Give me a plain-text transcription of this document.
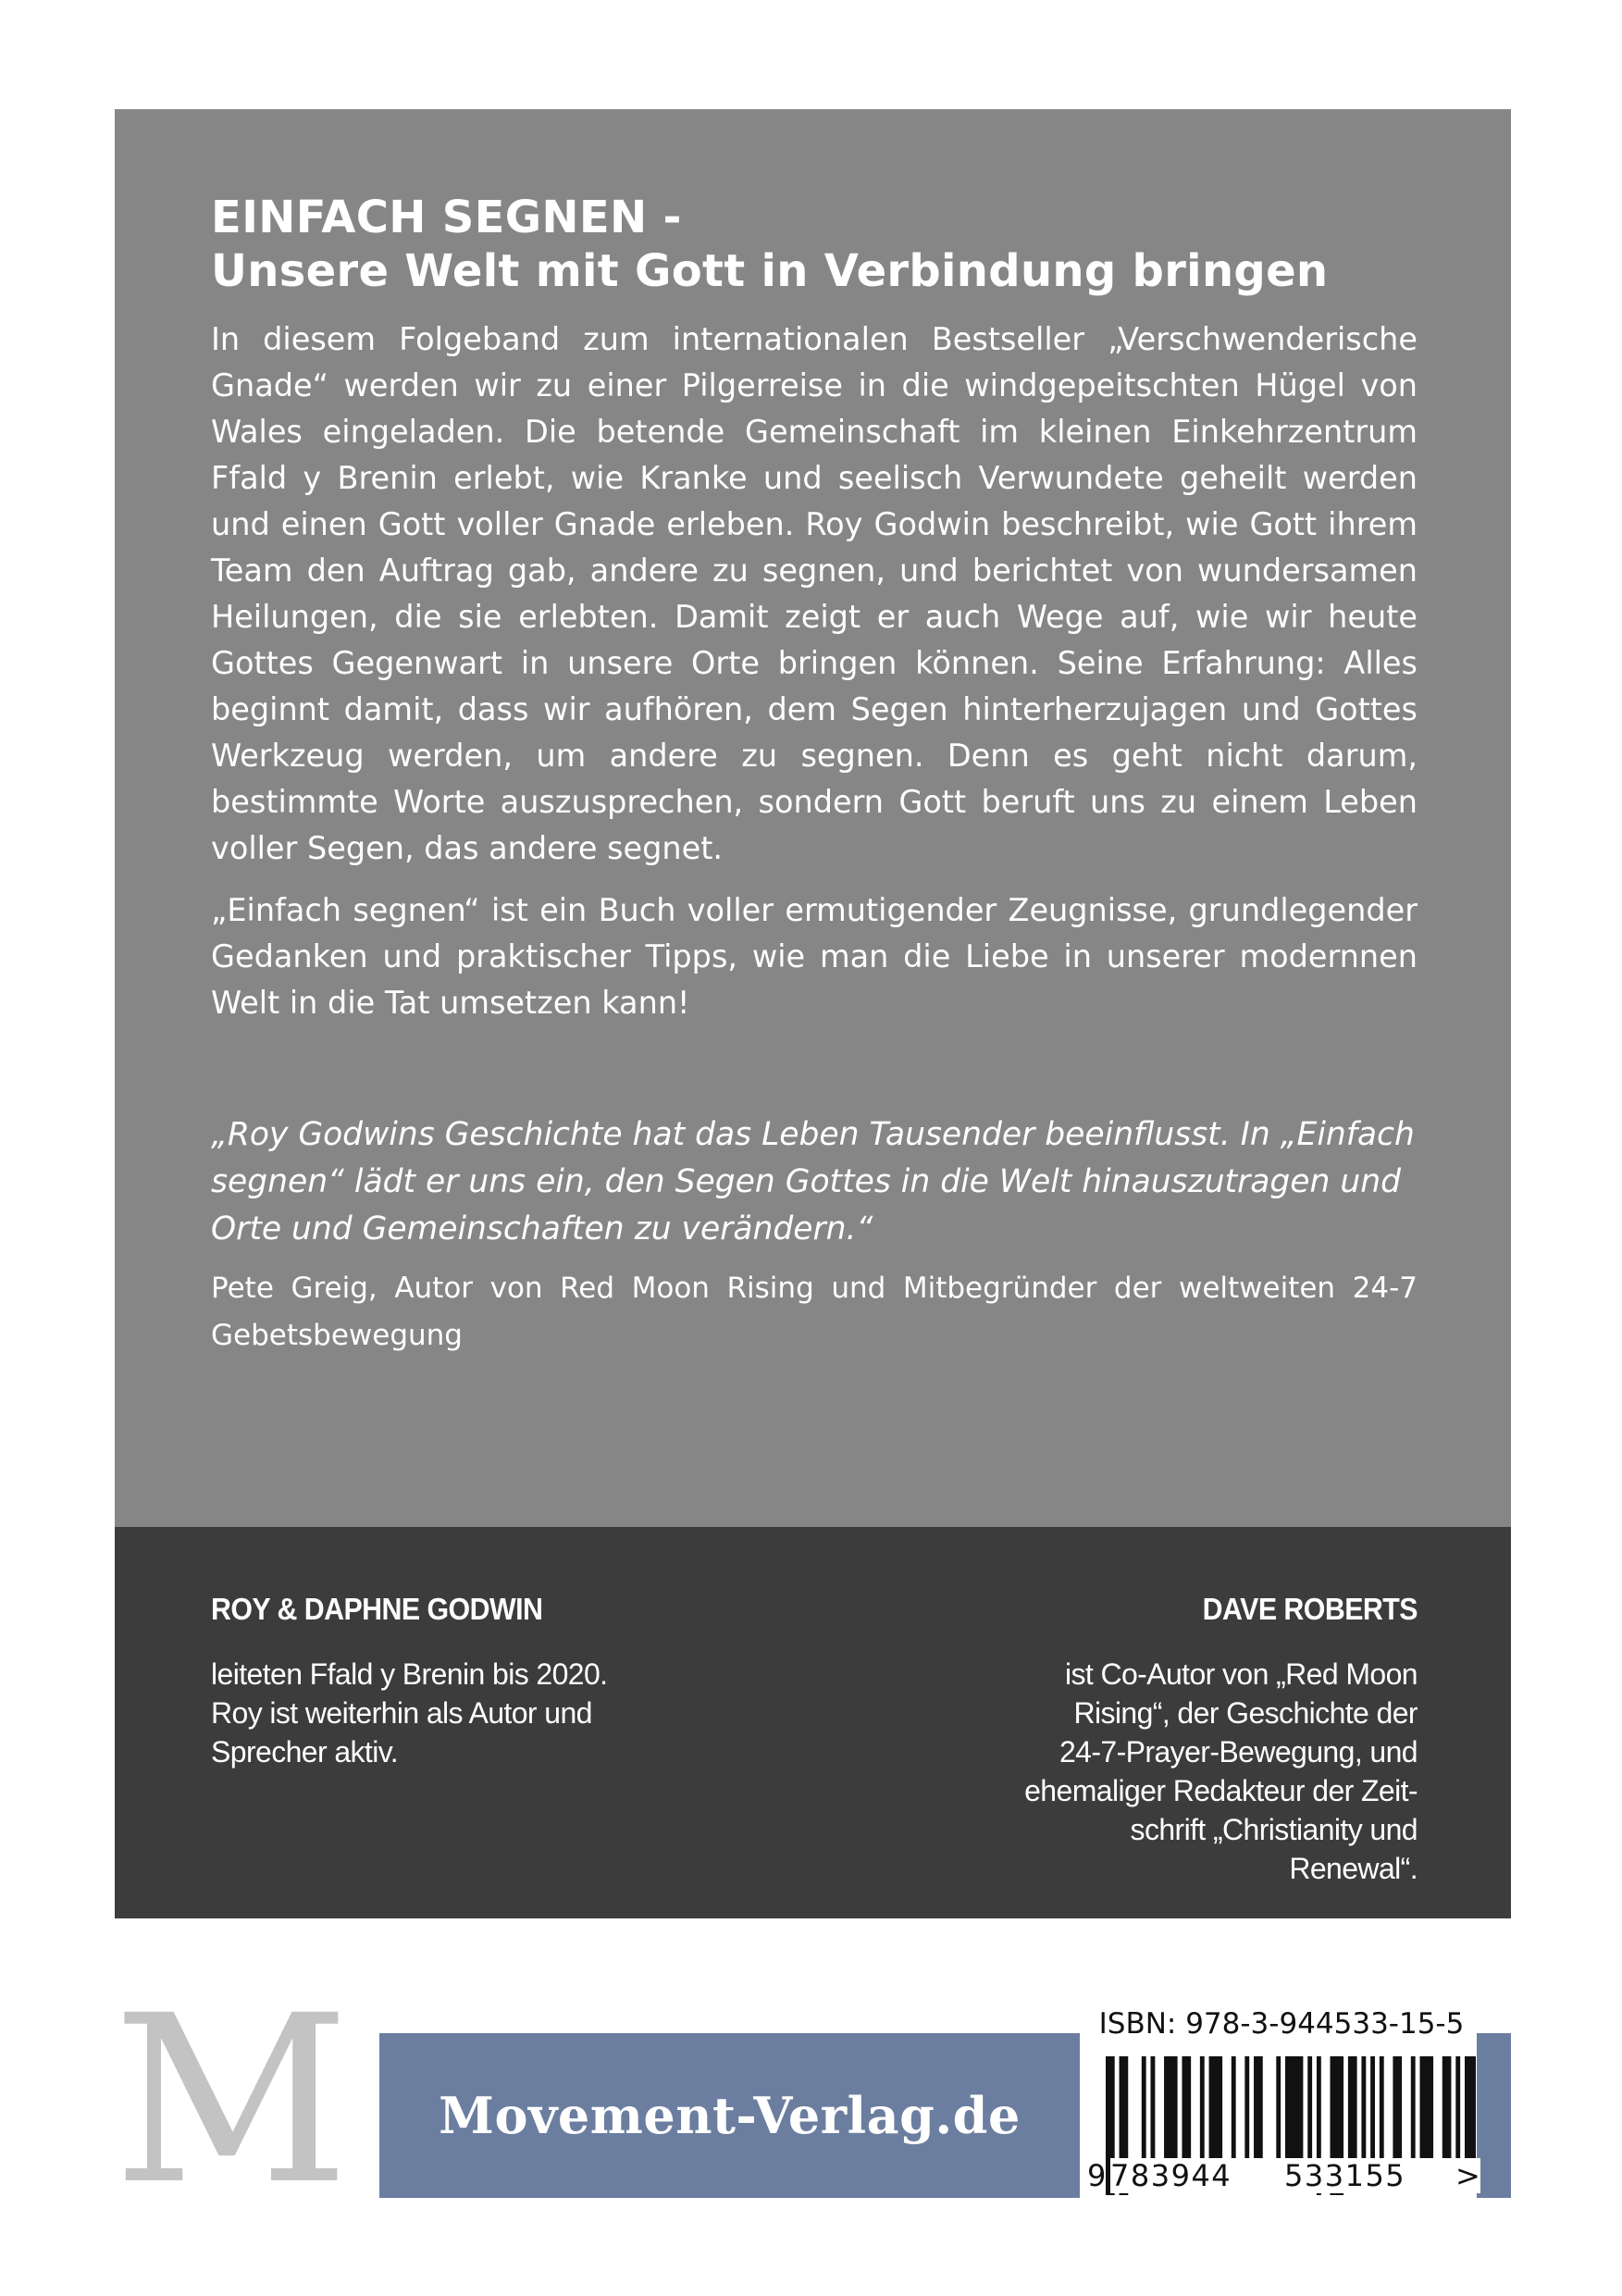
EINFACH SEGNEN -
Unsere Welt mit Gott in Verbindung bringen

In diesem Folgeband zum internationalen Bestseller „Verschwenderische Gnade“ werden wir zu einer Pilgerreise in die windgepeitschten Hügel von Wales eingeladen. Die betende Gemeinschaft im kleinen Einkehrzentrum Ffald y Brenin erlebt, wie Kranke und seelisch Verwundete geheilt werden und einen Gott voller Gnade erleben. Roy Godwin beschreibt, wie Gott ihrem Team den Auftrag gab, andere zu segnen, und berichtet von wundersamen Heilungen, die sie erlebten. Damit zeigt er auch Wege auf, wie wir heute Gottes Gegenwart in unsere Orte bringen können. Seine Erfahrung: Alles beginnt damit, dass wir aufhören, dem Segen hinterherzujagen und Gottes Werkzeug werden, um andere zu segnen. Denn es geht nicht darum, bestimmte Worte auszusprechen, sondern Gott beruft uns zu einem Leben voller Segen, das andere segnet.

„Einfach segnen“ ist ein Buch voller ermutigender Zeugnisse, grundlegender Gedanken und praktischer Tipps, wie man die Liebe in unserer modernnen Welt in die Tat umsetzen kann!

„Roy Godwins Geschichte hat das Leben Tausender beeinflusst. In „Einfach segnen“ lädt er uns ein, den Segen Gottes in die Welt hinauszutragen und Orte und Gemeinschaften zu verändern.“

Pete Greig, Autor von Red Moon Rising und Mitbegründer der weltweiten 24-7 Gebetsbewegung

ROY & DAPHNE GODWIN

leiteten Ffald y Brenin bis 2020. Roy ist weiterhin als Autor und Sprecher aktiv.

DAVE ROBERTS

ist Co-Autor von „Red Moon
Rising“, der Geschichte der
24-7-Prayer-Bewegung, und
ehemaliger Redakteur der Zeit-
schrift „Christianity und Renewal“.

M Movement-Verlag.de
ISBN: 978-3-944533-15-5
9 783944 533155 >
